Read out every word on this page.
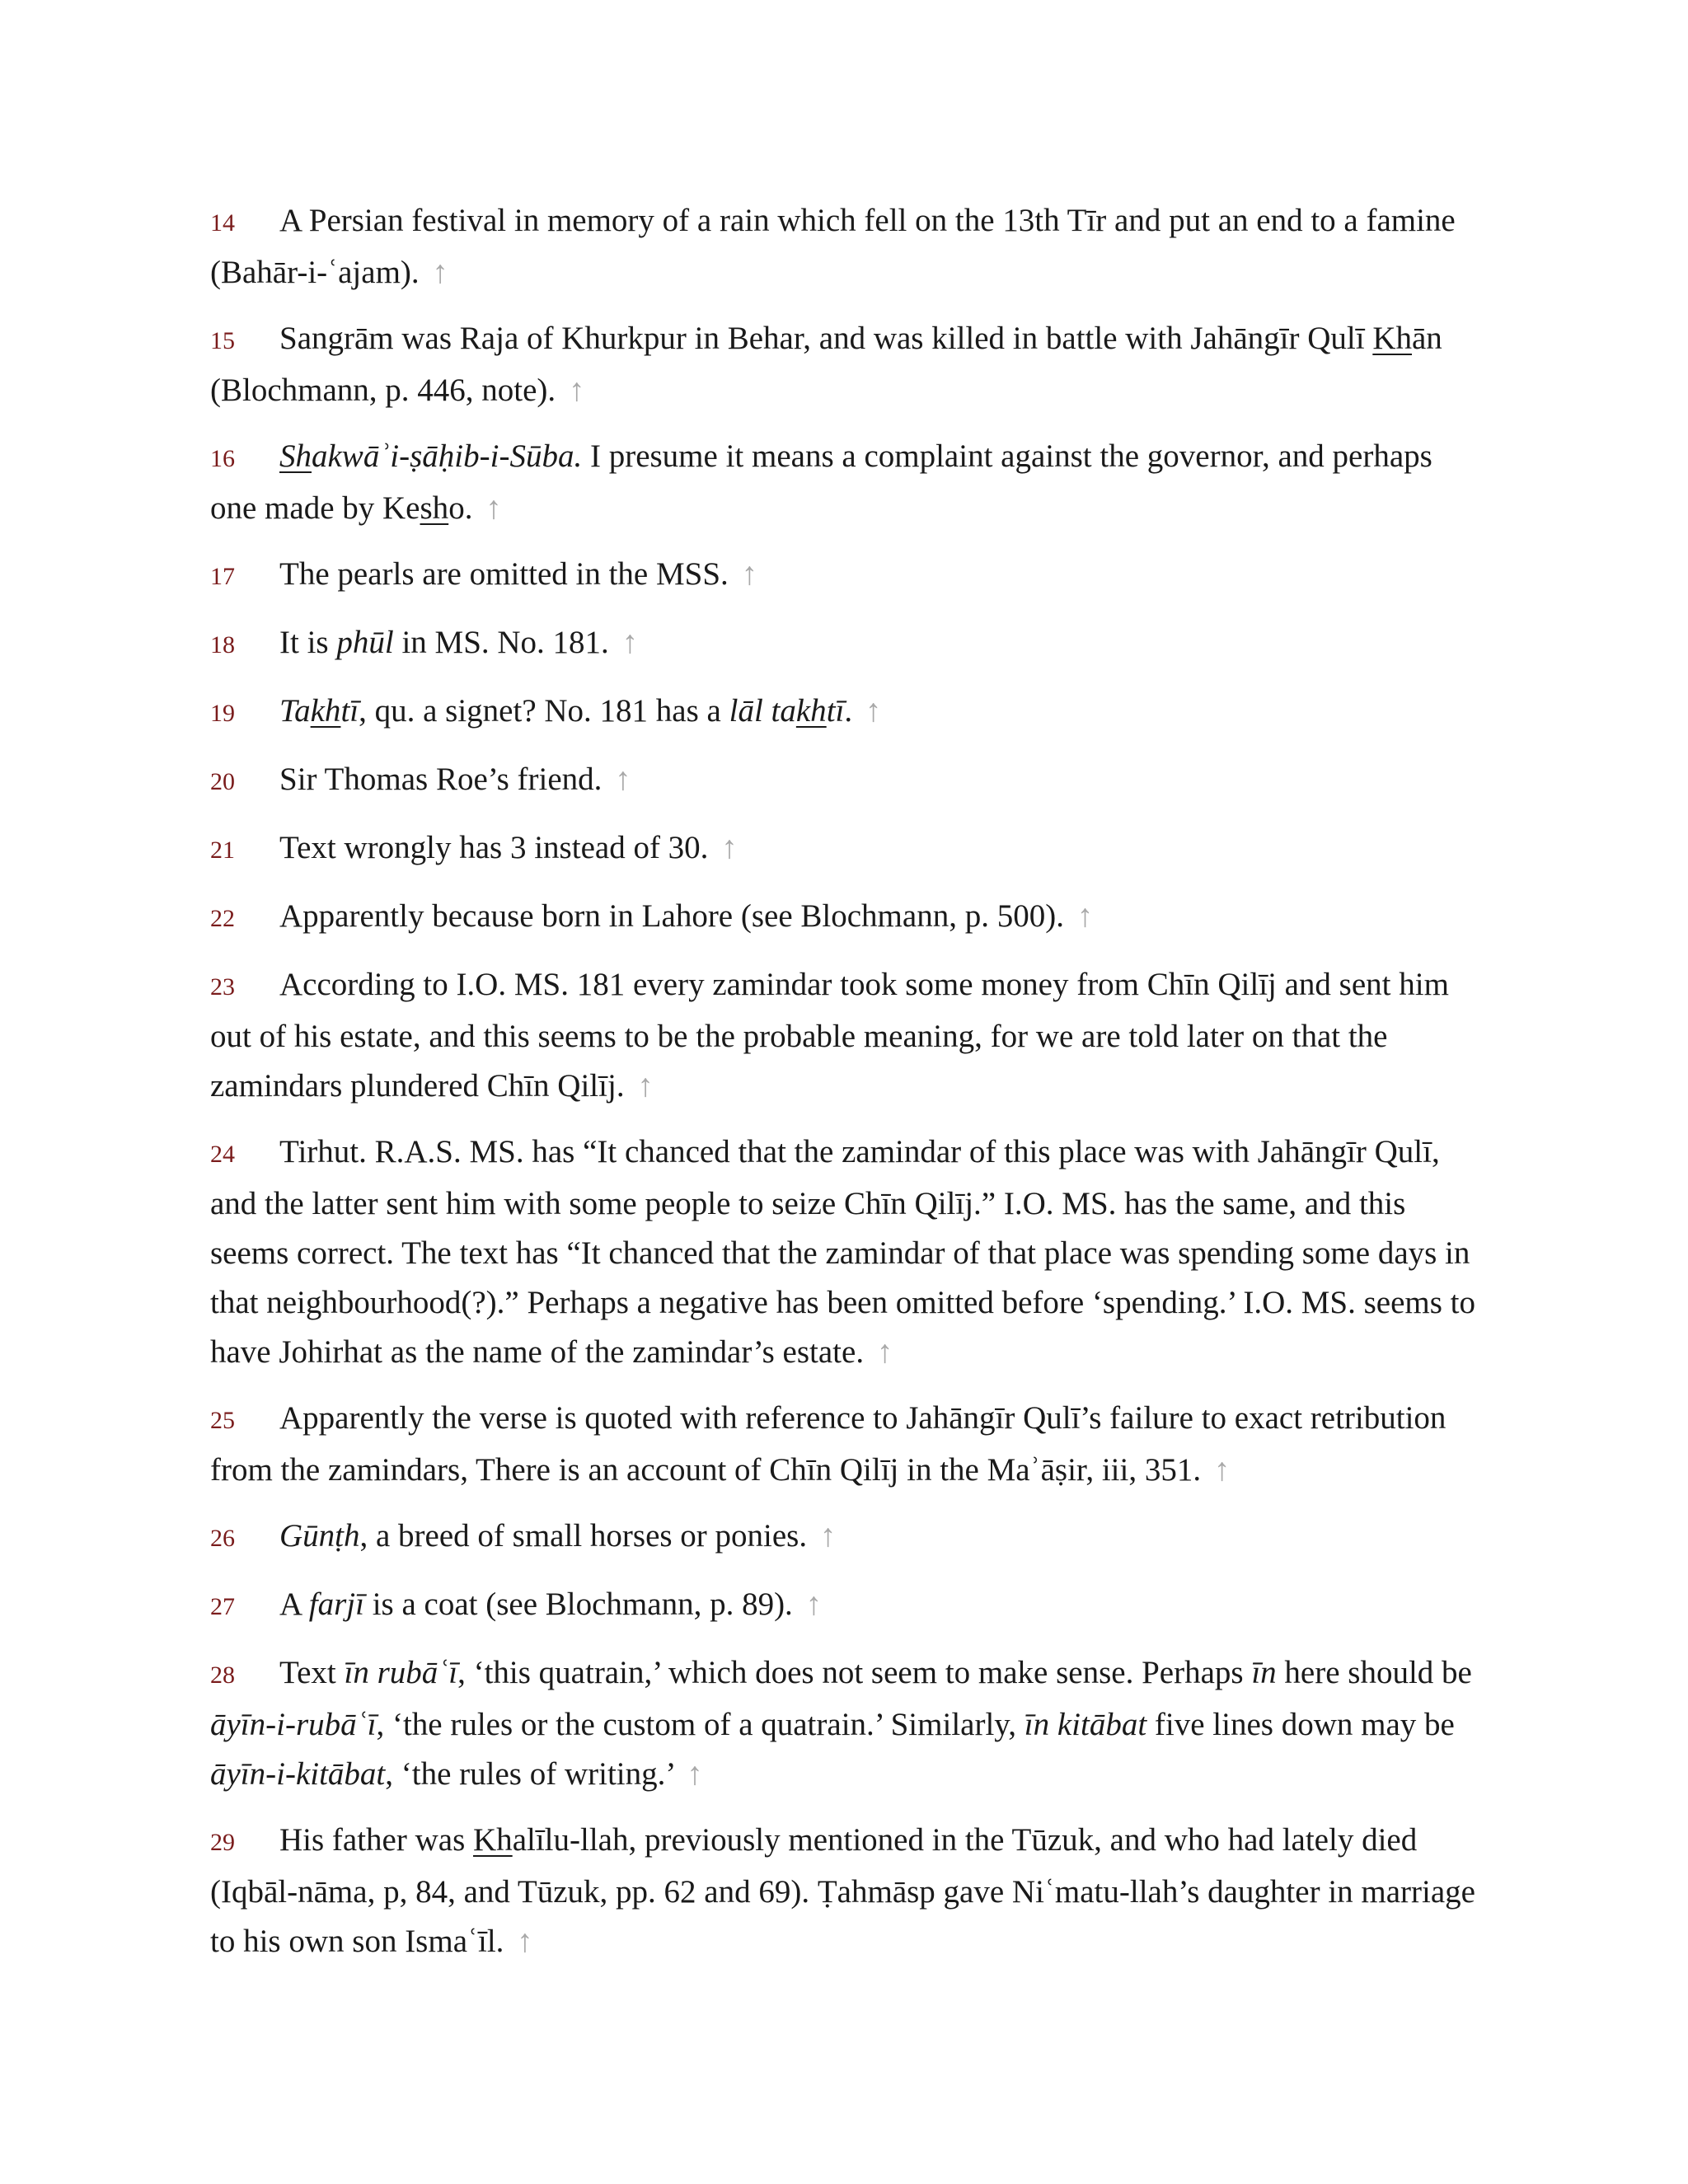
14 A Persian festival in memory of a rain which fell on the 13th Tīr and put an end to a famine (Bahār-i-ʿajam). ↑

15 Sangrām was Raja of Khurkpur in Behar, and was killed in battle with Jahāngīr Qulī Khān (Blochmann, p. 446, note). ↑

16 Shakwāʾi-ṣāḥib-i-Sūba. I presume it means a complaint against the governor, and perhaps one made by Kesho. ↑

17 The pearls are omitted in the MSS. ↑

18 It is phūl in MS. No. 181. ↑

19 Takhtī, qu. a signet? No. 181 has a lāl takhtī. ↑

20 Sir Thomas Roe’s friend. ↑

21 Text wrongly has 3 instead of 30. ↑

22 Apparently because born in Lahore (see Blochmann, p. 500). ↑

23 According to I.O. MS. 181 every zamindar took some money from Chīn Qilīj and sent him out of his estate, and this seems to be the probable meaning, for we are told later on that the zamindars plundered Chīn Qilīj. ↑

24 Tirhut. R.A.S. MS. has “It chanced that the zamindar of this place was with Jahāngīr Qulī, and the latter sent him with some people to seize Chīn Qilīj.” I.O. MS. has the same, and this seems correct. The text has “It chanced that the zamindar of that place was spending some days in that neighbourhood(?).” Perhaps a negative has been omitted before ‘spending.’ I.O. MS. seems to have Johirhat as the name of the zamindar’s estate. ↑

25 Apparently the verse is quoted with reference to Jahāngīr Qulī’s failure to exact retribution from the zamindars, There is an account of Chīn Qilīj in the Maʾāṣir, iii, 351. ↑

26 Gūnṭh, a breed of small horses or ponies. ↑

27 A farjī is a coat (see Blochmann, p. 89). ↑

28 Text īn rubāʿī, ‘this quatrain,’ which does not seem to make sense. Perhaps īn here should be āyīn-i-rubāʿī, ‘the rules or the custom of a quatrain.’ Similarly, īn kitābat five lines down may be āyīn-i-kitābat, ‘the rules of writing.’ ↑

29 His father was Khalīlu-llah, previously mentioned in the Tūzuk, and who had lately died (Iqbāl-nāma, p, 84, and Tūzuk, pp. 62 and 69). Ṭahmāsp gave Niʿmatu-llah’s daughter in marriage to his own son Ismaʿīl. ↑
